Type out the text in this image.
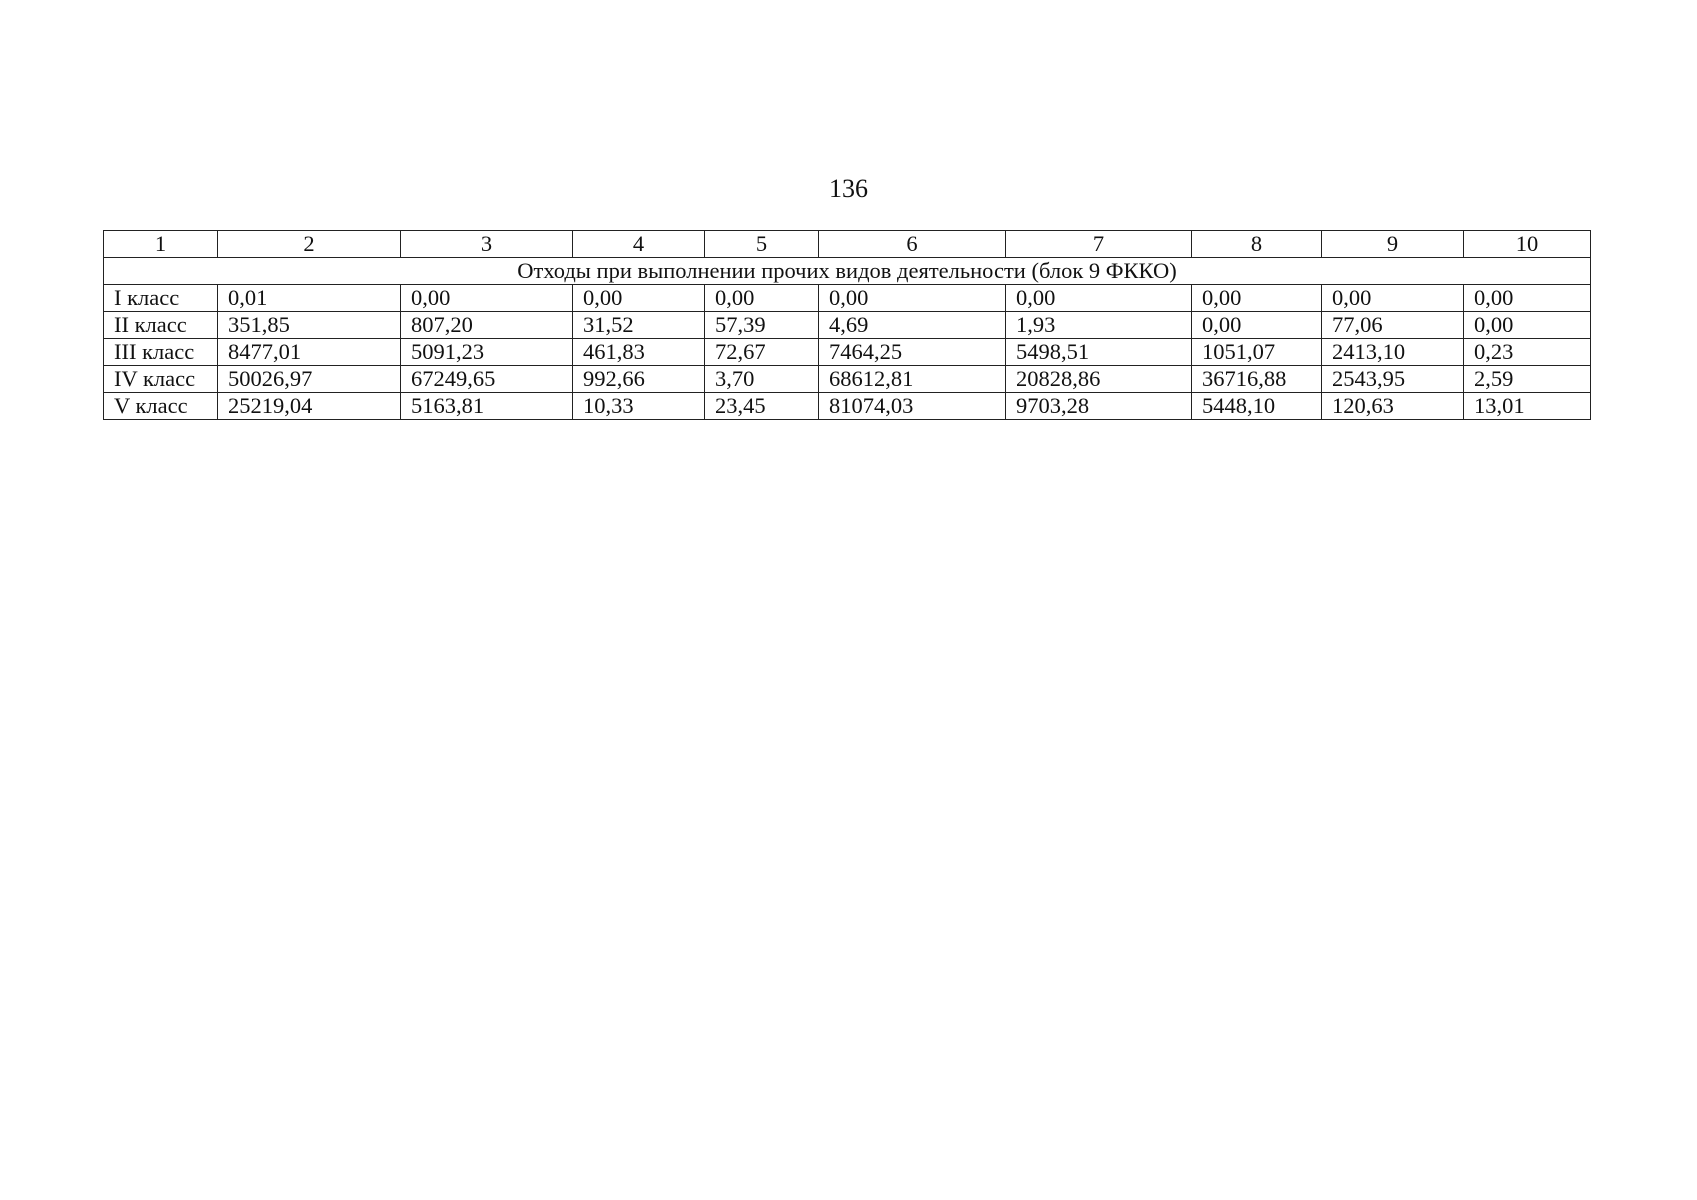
136
1	2	3	4	5	6	7	8	9	10
Отходы при выполнении прочих видов деятельности (блок 9 ФККО)									
I класс	0,01	0,00	0,00	0,00	0,00	0,00	0,00	0,00	0,00
II класс	351,85	807,20	31,52	57,39	4,69	1,93	0,00	77,06	0,00
III класс	8477,01	5091,23	461,83	72,67	7464,25	5498,51	1051,07	2413,10	0,23
IV класс	50026,97	67249,65	992,66	3,70	68612,81	20828,86	36716,88	2543,95	2,59
V класс	25219,04	5163,81	10,33	23,45	81074,03	9703,28	5448,10	120,63	13,01
